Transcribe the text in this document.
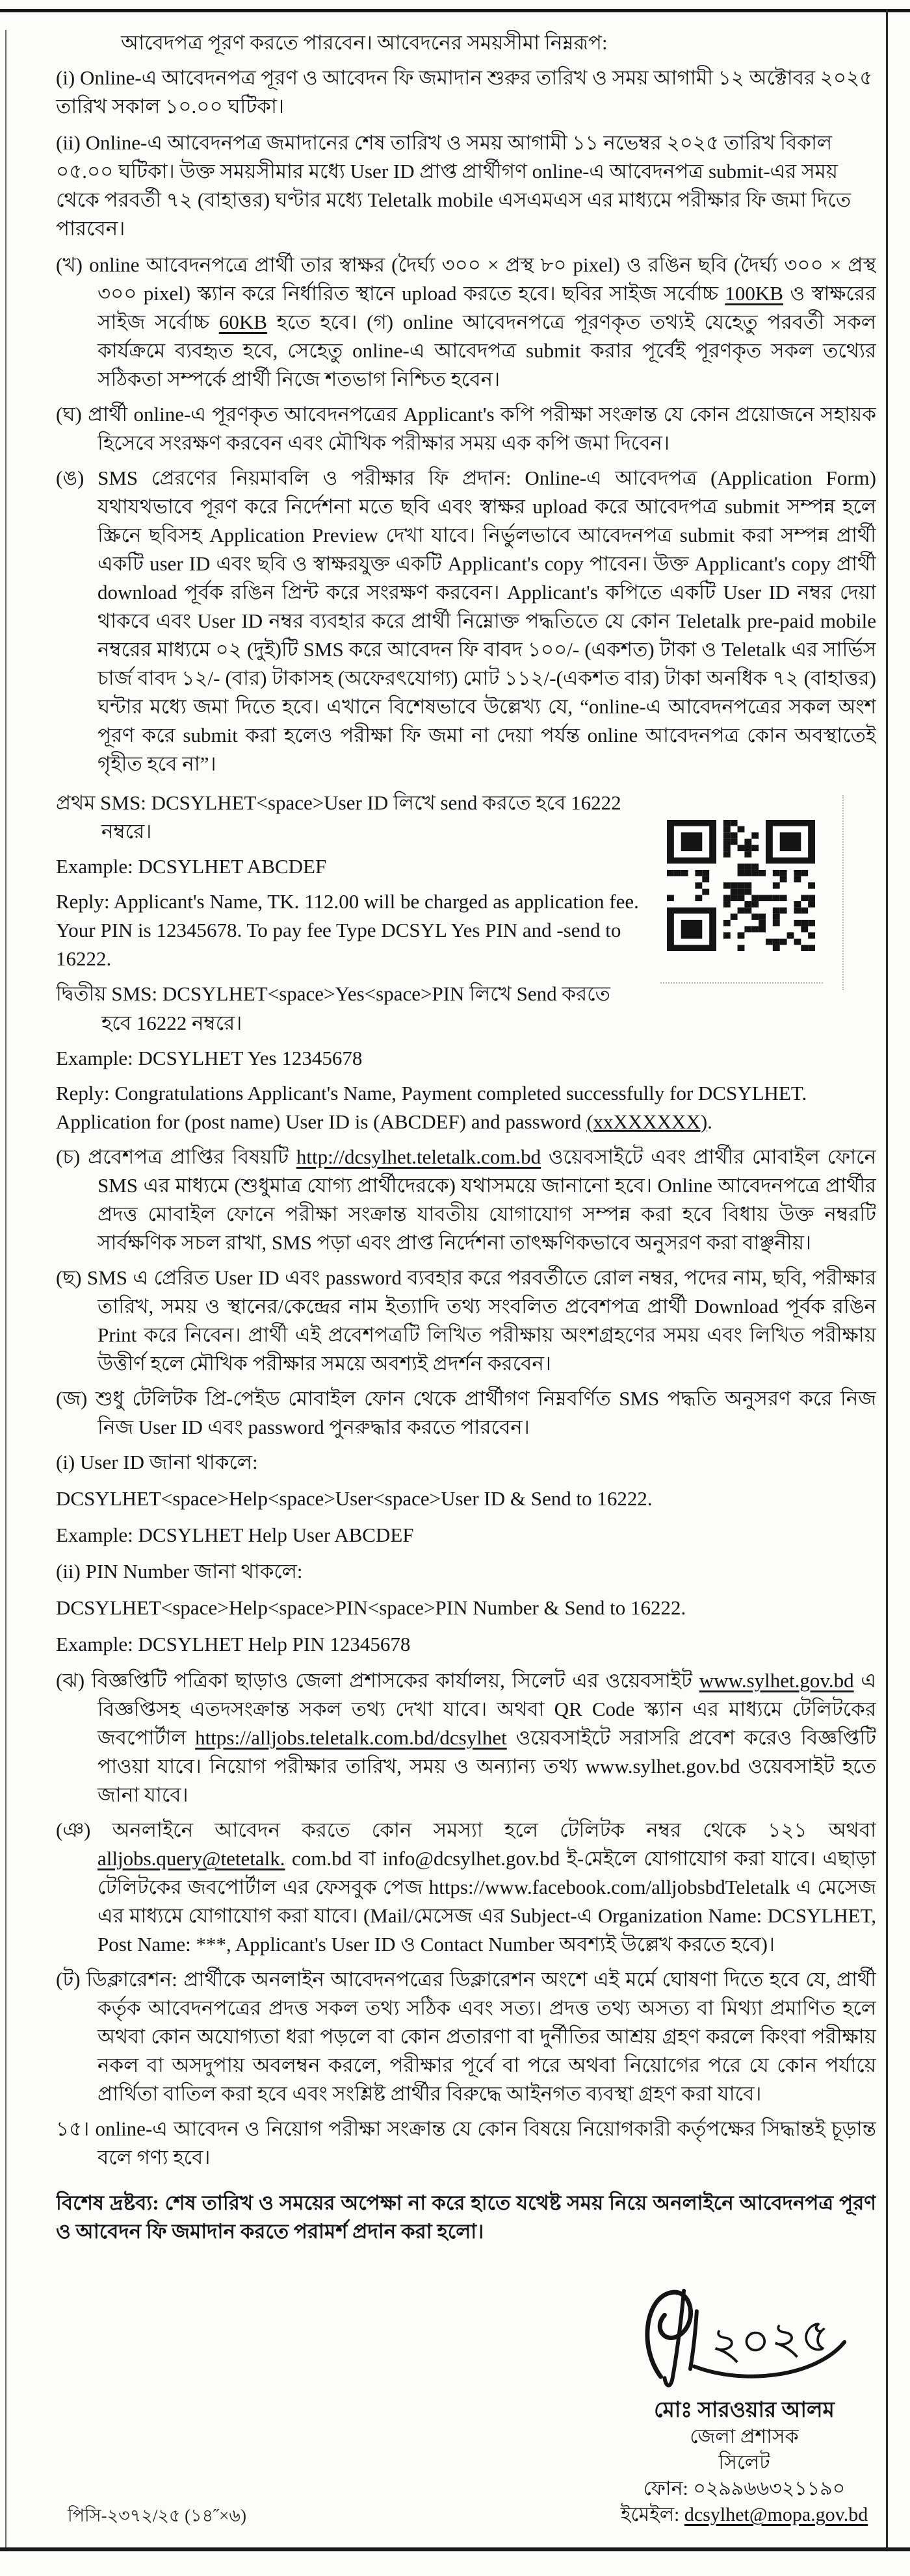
আবেদপত্র পূরণ করতে পারবেন। আবেদনের সময়সীমা নিম্নরূপ:
(i) Online-এ আবেদনপত্র পূরণ ও আবেদন ফি জমাদান শুরুর তারিখ ও সময় আগামী ১২ অক্টোবর ২০২৫ তারিখ সকাল ১০.০০ ঘটিকা।
(ii) Online-এ আবেদনপত্র জমাদানের শেষ তারিখ ও সময় আগামী ১১ নভেম্বর ২০২৫ তারিখ বিকাল ০৫.০০ ঘটিকা। উক্ত সময়সীমার মধ্যে User ID প্রাপ্ত প্রার্থীগণ online-এ আবেদনপত্র submit-এর সময় থেকে পরবর্তী ৭২ (বাহাত্তর) ঘণ্টার মধ্যে Teletalk mobile এসএমএস এর মাধ্যমে পরীক্ষার ফি জমা দিতে পারবেন।
(খ) online আবেদনপত্রে প্রার্থী তার স্বাক্ষর (দৈর্ঘ্য ৩০০ × প্রস্থ ৮০ pixel) ও রঙিন ছবি (দৈর্ঘ্য ৩০০ × প্রস্থ ৩০০ pixel) স্ক্যান করে নির্ধারিত স্থানে upload করতে হবে। ছবির সাইজ সর্বোচ্চ 100KB ও স্বাক্ষরের সাইজ সর্বোচ্চ 60KB হতে হবে। (গ) online আবেদনপত্রে পূরণকৃত তথ্যই যেহেতু পরবর্তী সকল কার্যক্রমে ব্যবহৃত হবে, সেহেতু online-এ আবেদপত্র submit করার পূর্বেই পূরণকৃত সকল তথ্যের সঠিকতা সম্পর্কে প্রার্থী নিজে শতভাগ নিশ্চিত হবেন।
(ঘ) প্রার্থী online-এ পূরণকৃত আবেদনপত্রের Applicant's কপি পরীক্ষা সংক্রান্ত যে কোন প্রয়োজনে সহায়ক হিসেবে সংরক্ষণ করবেন এবং মৌখিক পরীক্ষার সময় এক কপি জমা দিবেন।
(ঙ) SMS প্রেরণের নিয়মাবলি ও পরীক্ষার ফি প্রদান: Online-এ আবেদপত্র (Application Form) যথাযথভাবে পূরণ করে নির্দেশনা মতে ছবি এবং স্বাক্ষর upload করে আবেদপত্র submit সম্পন্ন হলে স্ক্রিনে ছবিসহ Application Preview দেখা যাবে। নির্ভুলভাবে আবেদনপত্র submit করা সম্পন্ন প্রার্থী একটি user ID এবং ছবি ও স্বাক্ষরযুক্ত একটি Applicant's copy পাবেন। উক্ত Applicant's copy প্রার্থী download পূর্বক রঙিন প্রিন্ট করে সংরক্ষণ করবেন। Applicant's কপিতে একটি User ID নম্বর দেয়া থাকবে এবং User ID নম্বর ব্যবহার করে প্রার্থী নিম্নোক্ত পদ্ধতিতে যে কোন Teletalk pre-paid mobile নম্বরের মাধ্যমে ০২ (দুই)টি SMS করে আবেদন ফি বাবদ ১০০/- (একশত) টাকা ও Teletalk এর সার্ভিস চার্জ বাবদ ১২/- (বার) টাকাসহ (অফেরৎযোগ্য) মোট ১১২/-(একশত বার) টাকা অনধিক ৭২ (বাহাত্তর) ঘন্টার মধ্যে জমা দিতে হবে। এখানে বিশেষভাবে উল্লেখ্য যে, “online-এ আবেদনপত্রের সকল অংশ পূরণ করে submit করা হলেও পরীক্ষা ফি জমা না দেয়া পর্যন্ত online আবেদনপত্র কোন অবস্থাতেই গৃহীত হবে না”।

প্রথম SMS: DCSYLHET<space>User ID লিখে send করতে হবে 16222 নম্বরে।

Example: DCSYLHET ABCDEF

Reply: Applicant's Name, TK. 112.00 will be charged as application fee. Your PIN is 12345678. To pay fee Type DCSYL Yes PIN and -send to 16222.

দ্বিতীয় SMS: DCSYLHET<space>Yes<space>PIN লিখে Send করতে হবে 16222 নম্বরে।

Example: DCSYLHET Yes 12345678

Reply: Congratulations Applicant's Name, Payment completed successfully for DCSYLHET. Application for (post name) User ID is (ABCDEF) and password (xxXXXXXX).

(চ) প্রবেশপত্র প্রাপ্তির বিষয়টি http://dcsylhet.teletalk.com.bd ওয়েবসাইটে এবং প্রার্থীর মোবাইল ফোনে SMS এর মাধ্যমে (শুধুমাত্র যোগ্য প্রার্থীদেরকে) যথাসময়ে জানানো হবে। Online আবেদনপত্রে প্রার্থীর প্রদত্ত মোবাইল ফোনে পরীক্ষা সংক্রান্ত যাবতীয় যোগাযোগ সম্পন্ন করা হবে বিধায় উক্ত নম্বরটি সার্বক্ষণিক সচল রাখা, SMS পড়া এবং প্রাপ্ত নির্দেশনা তাৎক্ষণিকভাবে অনুসরণ করা বাঞ্ছনীয়।
(ছ) SMS এ প্রেরিত User ID এবং password ব্যবহার করে পরবর্তীতে রোল নম্বর, পদের নাম, ছবি, পরীক্ষার তারিখ, সময় ও স্থানের/কেন্দ্রের নাম ইত্যাদি তথ্য সংবলিত প্রবেশপত্র প্রার্থী Download পূর্বক রঙিন Print করে নিবেন। প্রার্থী এই প্রবেশপত্রটি লিখিত পরীক্ষায় অংশগ্রহণের সময় এবং লিখিত পরীক্ষায় উত্তীর্ণ হলে মৌখিক পরীক্ষার সময়ে অবশ্যই প্রদর্শন করবেন।
(জ) শুধু টেলিটক প্রি-পেইড মোবাইল ফোন থেকে প্রার্থীগণ নিম্নবর্ণিত SMS পদ্ধতি অনুসরণ করে নিজ নিজ User ID এবং password পুনরুদ্ধার করতে পারবেন।
(i) User ID জানা থাকলে:
DCSYLHET<space>Help<space>User<space>User ID & Send to 16222.
Example: DCSYLHET Help User ABCDEF
(ii) PIN Number জানা থাকলে:
DCSYLHET<space>Help<space>PIN<space>PIN Number & Send to 16222.
Example: DCSYLHET Help PIN 12345678
(ঝ) বিজ্ঞপ্তিটি পত্রিকা ছাড়াও জেলা প্রশাসকের কার্যালয়, সিলেট এর ওয়েবসাইট www.sylhet.gov.bd এ বিজ্ঞপ্তিসহ এতদসংক্রান্ত সকল তথ্য দেখা যাবে। অথবা QR Code স্ক্যান এর মাধ্যমে টেলিটকের জবপোর্টাল https://alljobs.teletalk.com.bd/dcsylhet ওয়েবসাইটে সরাসরি প্রবেশ করেও বিজ্ঞপ্তিটি পাওয়া যাবে। নিয়োগ পরীক্ষার তারিখ, সময় ও অন্যান্য তথ্য www.sylhet.gov.bd ওয়েবসাইট হতে জানা যাবে।
(ঞ) অনলাইনে আবেদন করতে কোন সমস্যা হলে টেলিটক নম্বর থেকে ১২১ অথবা alljobs.query@tetetalk. com.bd বা info@dcsylhet.gov.bd ই-মেইলে যোগাযোগ করা যাবে। এছাড়া টেলিটকের জবপোর্টাল এর ফেসবুক পেজ https://www.facebook.com/alljobsbdTeletalk এ মেসেজ এর মাধ্যমে যোগাযোগ করা যাবে। (Mail/মেসেজ এর Subject-এ Organization Name: DCSYLHET, Post Name: ***, Applicant's User ID ও Contact Number অবশ্যই উল্লেখ করতে হবে)।
(ট) ডিক্লারেশন: প্রার্থীকে অনলাইন আবেদনপত্রের ডিক্লারেশন অংশে এই মর্মে ঘোষণা দিতে হবে যে, প্রার্থী কর্তৃক আবেদনপত্রের প্রদত্ত সকল তথ্য সঠিক এবং সত্য। প্রদত্ত তথ্য অসত্য বা মিথ্যা প্রমাণিত হলে অথবা কোন অযোগ্যতা ধরা পড়লে বা কোন প্রতারণা বা দুর্নীতির আশ্রয় গ্রহণ করলে কিংবা পরীক্ষায় নকল বা অসদুপায় অবলম্বন করলে, পরীক্ষার পূর্বে বা পরে অথবা নিয়োগের পরে যে কোন পর্যায়ে প্রার্থিতা বাতিল করা হবে এবং সংশ্লিষ্ট প্রার্থীর বিরুদ্ধে আইনগত ব্যবস্থা গ্রহণ করা যাবে।
১৫। online-এ আবেদন ও নিয়োগ পরীক্ষা সংক্রান্ত যে কোন বিষয়ে নিয়োগকারী কর্তৃপক্ষের সিদ্ধান্তই চূড়ান্ত বলে গণ্য হবে।
বিশেষ দ্রষ্টব্য: শেষ তারিখ ও সময়ের অপেক্ষা না করে হাতে যথেষ্ট সময় নিয়ে অনলাইনে আবেদনপত্র পূরণ ও আবেদন ফি জমাদান করতে পরামর্শ প্রদান করা হলো।
২০২৫
মোঃ সারওয়ার আলম
জেলা প্রশাসক
সিলেট
ফোন: ০২৯৯৬৬৩২১১৯০
ইমেইল: dcsylhet@mopa.gov.bd
পিসি-২৩৭২/২৫ (১৪˝×৬)
